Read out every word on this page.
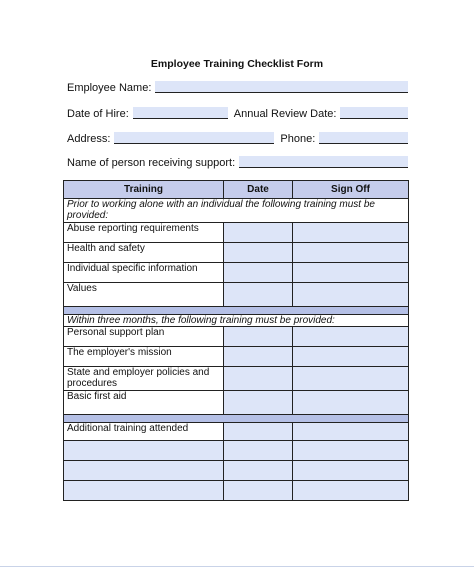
Employee Training Checklist Form
Employee Name:
Date of Hire:	Annual Review Date:
Address:	Phone:
Name of person receiving support:
Training	Date	Sign Off
Prior to working alone with an individual the following training must be provided:		
Abuse reporting requirements		
Health and safety		
Individual specific information		
Values		

Within three months, the following training must be provided:		
Personal support plan		
The employer's mission		
State and employer policies and procedures		
Basic first aid		

Additional training attended		
